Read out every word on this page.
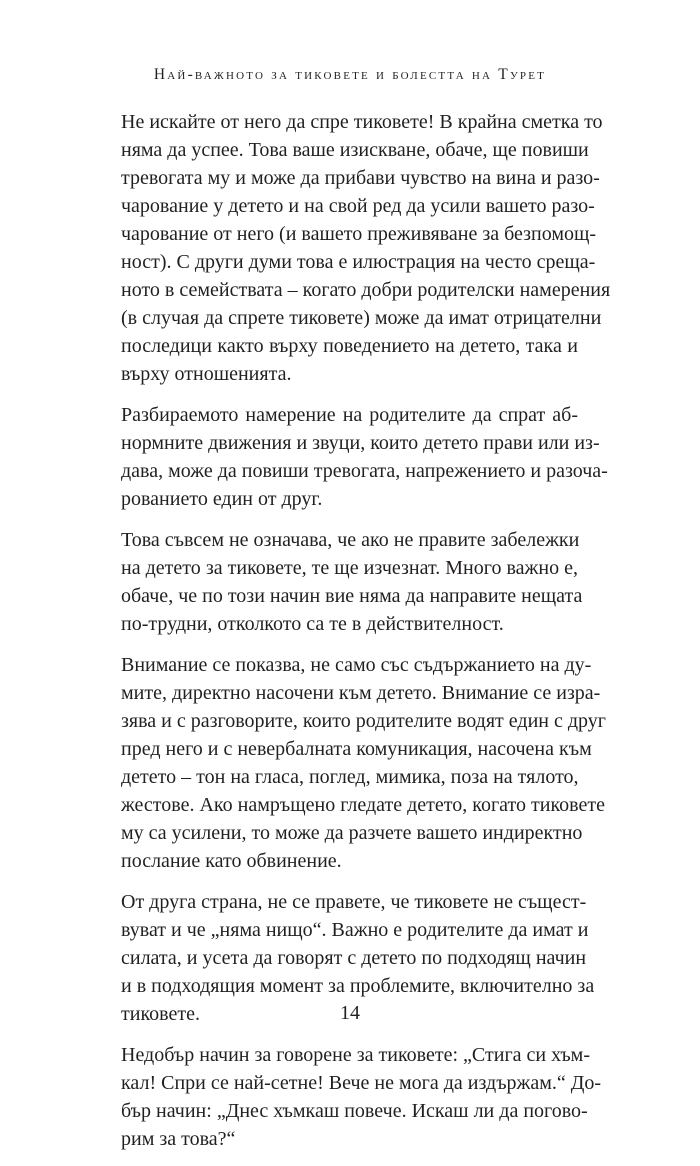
Най-важното за тиковете и болестта на Турет
Не искайте от него да спре тиковете! В крайна сметка то
няма да успее. Това ваше изискване, обаче, ще повиши
тревогата му и може да прибави чувство на вина и разо-
чарование у детето и на свой ред да усили вашето разо-
чарование от него (и вашето преживяване за безпомощ-
ност). С други думи това е илюстрация на често среща-
ното в семействата – когато добри родителски намерения
(в случая да спрете тиковете) може да имат отрицателни
последици както върху поведението на детето, така и
върху отношенията.
Разбираемото намерение на родителите да спрат аб-
нормните движения и звуци, които детето прави или из-
дава, може да повиши тревогата, напрежението и разоча-
рованието един от друг.
Това съвсем не означава, че ако не правите забележки
на детето за тиковете, те ще изчезнат. Много важно е,
обаче, че по този начин вие няма да направите нещата
по-трудни, отколкото са те в действителност.
Внимание се показва, не само със съдържанието на ду-
мите, директно насочени към детето. Внимание се изра-
зява и с разговорите, които родителите водят един с друг
пред него и с невербалната комуникация, насочена към
детето – тон на гласа, поглед, мимика, поза на тялото,
жестове. Ако намръщено гледате детето, когато тиковете
му са усилени, то може да разчете вашето индиректно
послание като обвинение.
От друга страна, не се правете, че тиковете не същест-
вуват и че „няма нищо“. Важно е родителите да имат и
силата, и усета да говорят с детето по подходящ начин
и в подходящия момент за проблемите, включително за
тиковете.
Недобър начин за говорене за тиковете: „Стига си хъм-
кал! Спри се най-сетне! Вече не мога да издържам.“ До-
бър начин: „Днес хъмкаш повече. Искаш ли да погово-
рим за това?“
14
